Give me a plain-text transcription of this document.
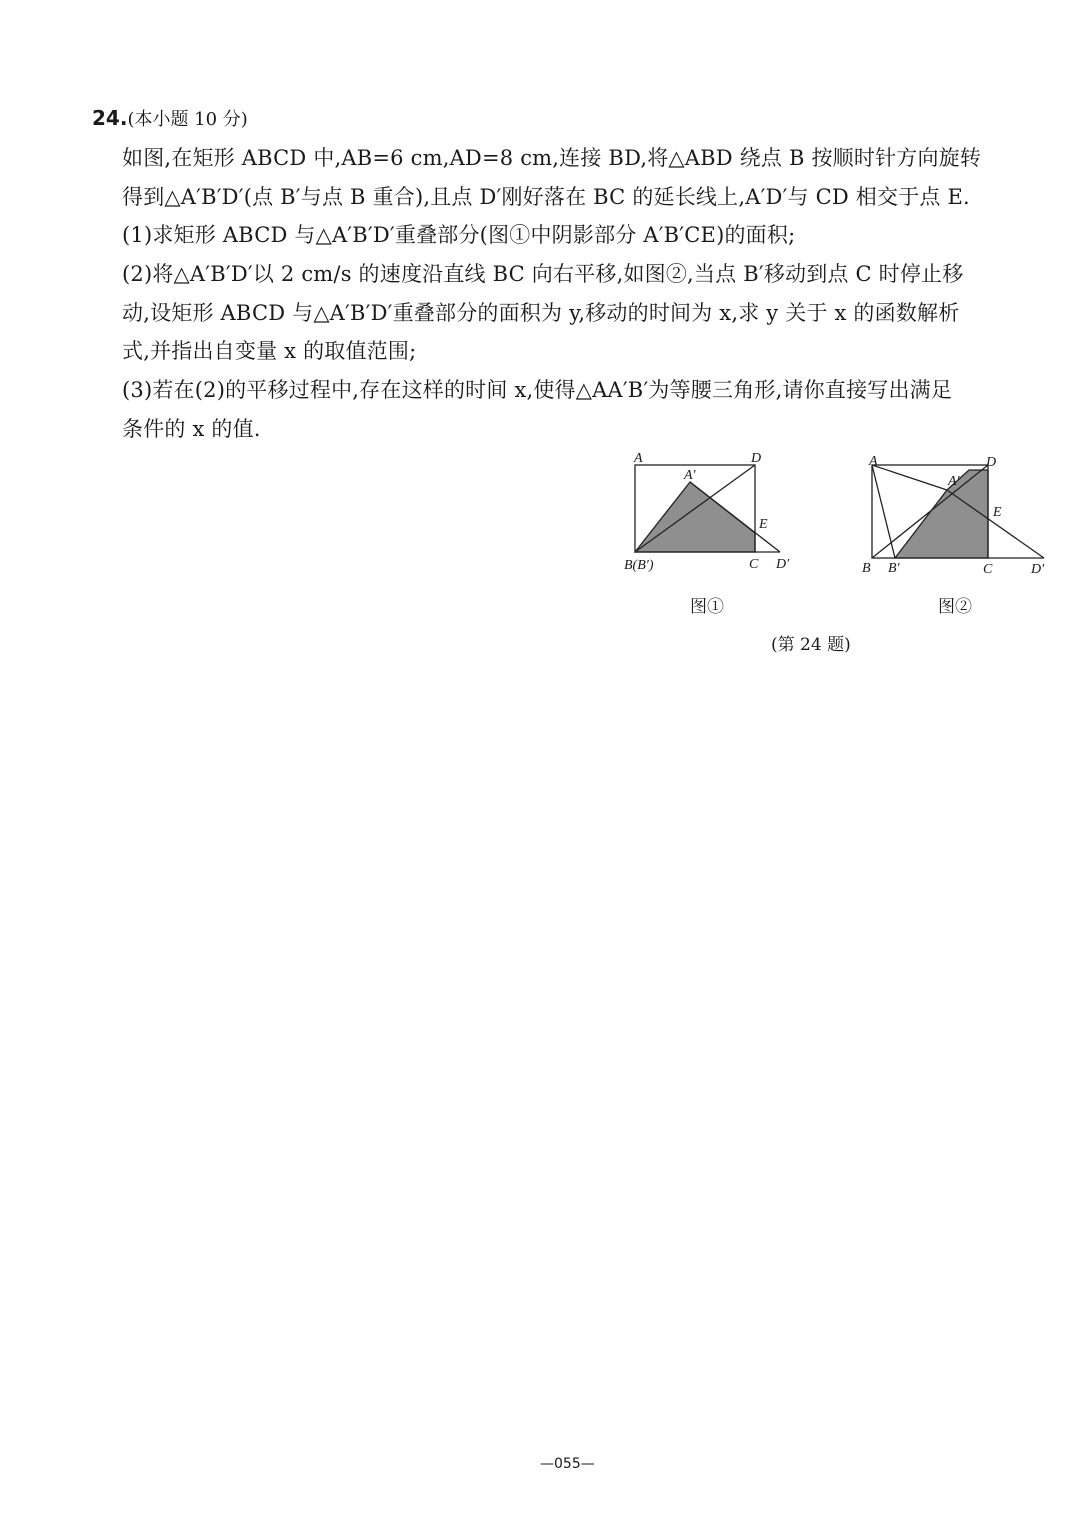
24.(本小题 10 分)
如图,在矩形 ABCD 中,AB=6 cm,AD=8 cm,连接 BD,将△ABD 绕点 B 按顺时针方向旋转
得到△A′B′D′(点 B′与点 B 重合),且点 D′刚好落在 BC 的延长线上,A′D′与 CD 相交于点 E.
(1)求矩形 ABCD 与△A′B′D′重叠部分(图①中阴影部分 A′B′CE)的面积;
(2)将△A′B′D′以 2 cm/s 的速度沿直线 BC 向右平移,如图②,当点 B′移动到点 C 时停止移
动,设矩形 ABCD 与△A′B′D′重叠部分的面积为 y,移动的时间为 x,求 y 关于 x 的函数解析
式,并指出自变量 x 的取值范围;
(3)若在(2)的平移过程中,存在这样的时间 x,使得△AA′B′为等腰三角形,请你直接写出满足
条件的 x 的值.
A	D
A′
E
B(B′)	C D′
图①
A	D
A′
E
B B′	C	D′
图②
(第 24 题)
—055—
